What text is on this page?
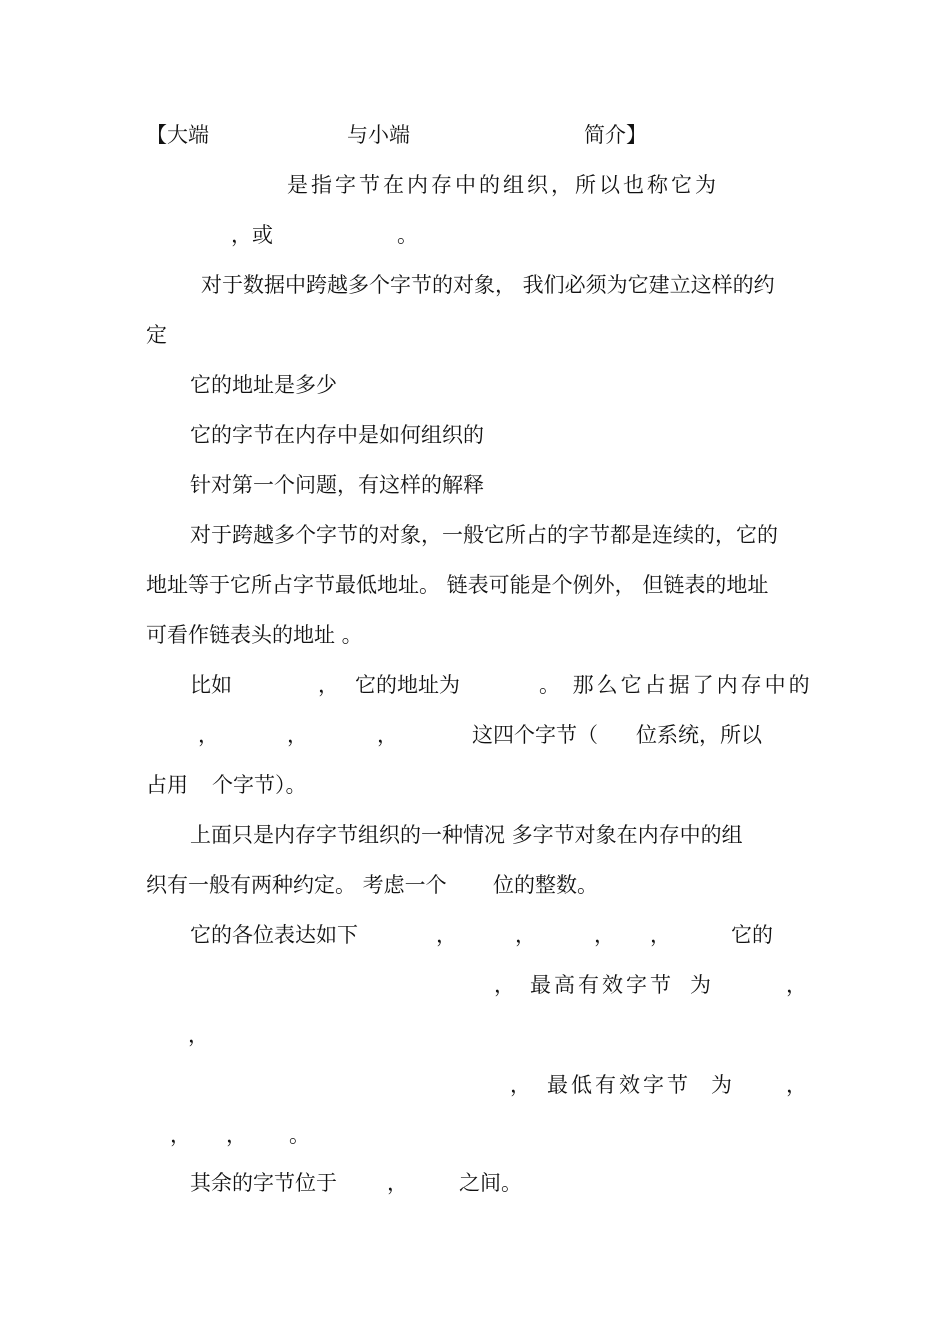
【大端	与小端	简介】
是指字节在内存中的组织，所以也称它为
，或	。
对于数据中跨越多个字节的对象， 我们必须为它建立这样的约
定
它的地址是多少
它的字节在内存中是如何组织的
针对第一个问题，有这样的解释
对于跨越多个字节的对象，一般它所占的字节都是连续的，它的
地址等于它所占字节最低地址。 链表可能是个例外， 但链表的地址
可看作链表头的地址 。
比如	， 它的地址为	。 那么它占据了内存中的
，	，	，	这四个字节（ 位系统，所以
占用 个字节）。
上面只是内存字节组织的一种情况 多字节对象在内存中的组
织有一般有两种约定。 考虑一个 位的整数。
它的各位表达如下	，	，	， ，	它的
， 最高有效字节 为	，
，
， 最低有效字节 为	，
， ， 。
其余的字节位于 ， 之间。
